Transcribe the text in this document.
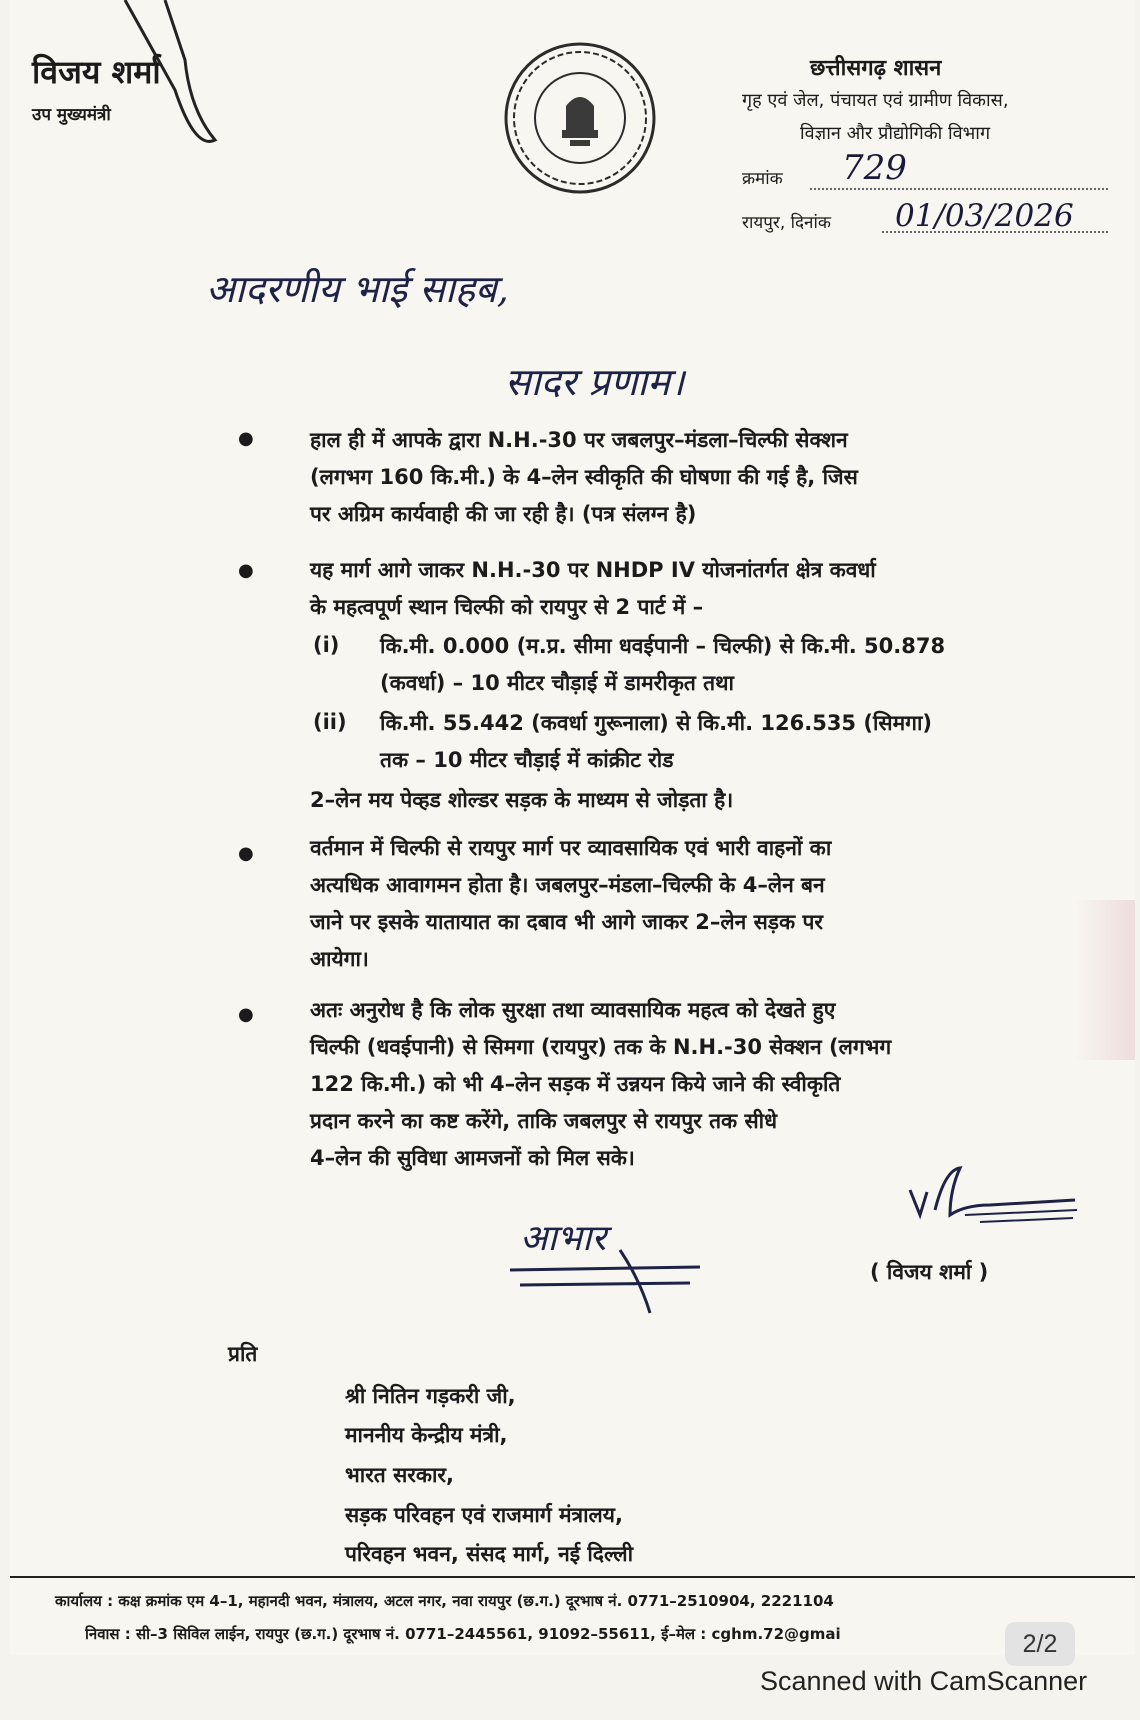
विजय शर्मा
उप मुख्यमंत्री
छत्तीसगढ़ शासन
गृह एवं जेल, पंचायत एवं ग्रामीण विकास,
विज्ञान और प्रौद्योगिकी विभाग
क्रमांक 729
रायपुर, दिनांक 01/03/2026
आदरणीय भाई साहब,
सादर प्रणाम।
●	हाल ही में आपके द्वारा N.H.-30 पर जबलपुर–मंडला–चिल्फी सेक्शन
(लगभग 160 कि.मी.) के 4–लेन स्वीकृति की घोषणा की गई है, जिस
पर अग्रिम कार्यवाही की जा रही है। (पत्र संलग्न है)
●	यह मार्ग आगे जाकर N.H.-30 पर NHDP IV योजनांतर्गत क्षेत्र कवर्धा
के महत्वपूर्ण स्थान चिल्फी को रायपुर से 2 पार्ट में –
(i) कि.मी. 0.000 (म.प्र. सीमा धवईपानी – चिल्फी) से कि.मी. 50.878
(कवर्धा) – 10 मीटर चौड़ाई में डामरीकृत तथा
(ii) कि.मी. 55.442 (कवर्धा गुरूनाला) से कि.मी. 126.535 (सिमगा)
तक – 10 मीटर चौड़ाई में कांक्रीट रोड
2–लेन मय पेव्हड शोल्डर सड़क के माध्यम से जोड़ता है।
●	वर्तमान में चिल्फी से रायपुर मार्ग पर व्यावसायिक एवं भारी वाहनों का
अत्यधिक आवागमन होता है। जबलपुर–मंडला–चिल्फी के 4–लेन बन
जाने पर इसके यातायात का दबाव भी आगे जाकर 2–लेन सड़क पर
आयेगा।
●	अतः अनुरोध है कि लोक सुरक्षा तथा व्यावसायिक महत्व को देखते हुए
चिल्फी (धवईपानी) से सिमगा (रायपुर) तक के N.H.-30 सेक्शन (लगभग
122 कि.मी.) को भी 4–लेन सड़क में उन्नयन किये जाने की स्वीकृति
प्रदान करने का कष्ट करेंगे, ताकि जबलपुर से रायपुर तक सीधे
4–लेन की सुविधा आमजनों को मिल सके।
आभार
( विजय शर्मा )
प्रति
श्री नितिन गड़करी जी,
माननीय केन्द्रीय मंत्री,
भारत सरकार,
सड़क परिवहन एवं राजमार्ग मंत्रालय,
परिवहन भवन, संसद मार्ग, नई दिल्ली
कार्यालय : कक्ष क्रमांक एम 4–1, महानदी भवन, मंत्रालय, अटल नगर, नवा रायपुर (छ.ग.) दूरभाष नं. 0771–2510904, 2221104
निवास : सी–3 सिविल लाईन, रायपुर (छ.ग.) दूरभाष नं. 0771–2445561, 91092–55611, ई–मेल : cghm.72@gmai	2/2
Scanned with CamScanner
